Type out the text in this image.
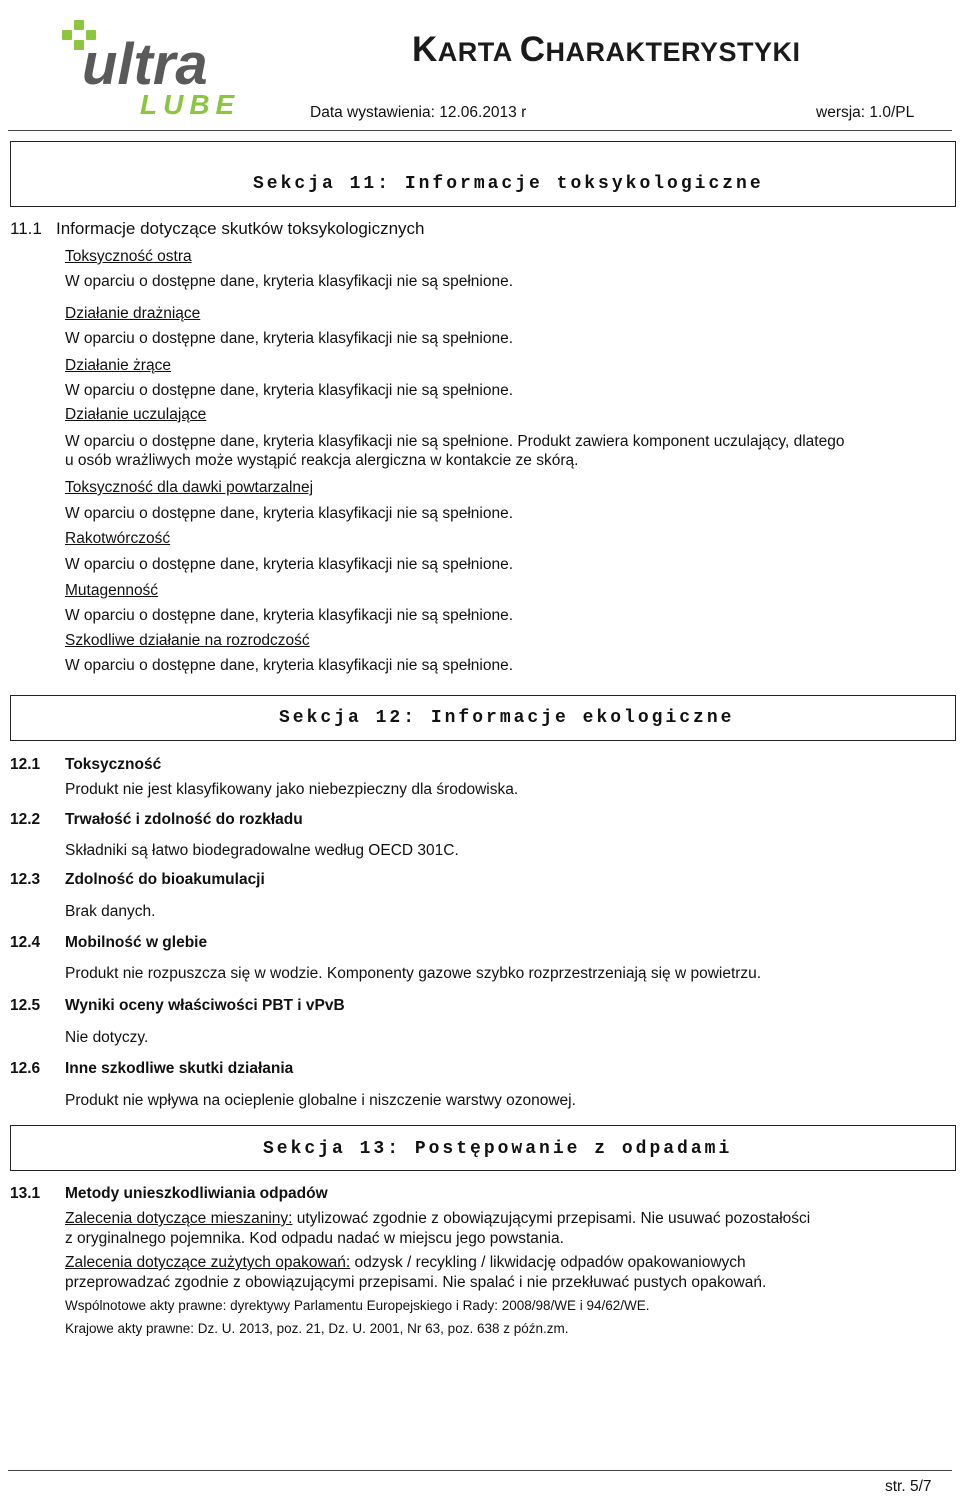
ultra
LUBE
KARTA CHARAKTERYSTYKI
Data wystawienia: 12.06.2013 r	wersja: 1.0/PL
Sekcja 11: Informacje toksykologiczne
11.1 Informacje dotyczące skutków toksykologicznych
Toksyczność ostra
W oparciu o dostępne dane, kryteria klasyfikacji nie są spełnione.
Działanie drażniące
W oparciu o dostępne dane, kryteria klasyfikacji nie są spełnione.
Działanie żrące
W oparciu o dostępne dane, kryteria klasyfikacji nie są spełnione.
Działanie uczulające
W oparciu o dostępne dane, kryteria klasyfikacji nie są spełnione. Produkt zawiera komponent uczulający, dlatego
u osób wrażliwych może wystąpić reakcja alergiczna w kontakcie ze skórą.
Toksyczność dla dawki powtarzalnej
W oparciu o dostępne dane, kryteria klasyfikacji nie są spełnione.
Rakotwórczość
W oparciu o dostępne dane, kryteria klasyfikacji nie są spełnione.
Mutagenność
W oparciu o dostępne dane, kryteria klasyfikacji nie są spełnione.
Szkodliwe działanie na rozrodczość
W oparciu o dostępne dane, kryteria klasyfikacji nie są spełnione.
Sekcja 12: Informacje ekologiczne
12.1 Toksyczność
Produkt nie jest klasyfikowany jako niebezpieczny dla środowiska.
12.2 Trwałość i zdolność do rozkładu
Składniki są łatwo biodegradowalne według OECD 301C.
12.3 Zdolność do bioakumulacji
Brak danych.
12.4 Mobilność w glebie
Produkt nie rozpuszcza się w wodzie. Komponenty gazowe szybko rozprzestrzeniają się w powietrzu.
12.5 Wyniki oceny właściwości PBT i vPvB
Nie dotyczy.
12.6 Inne szkodliwe skutki działania
Produkt nie wpływa na ocieplenie globalne i niszczenie warstwy ozonowej.
Sekcja 13: Postępowanie z odpadami
13.1 Metody unieszkodliwiania odpadów
Zalecenia dotyczące mieszaniny: utylizować zgodnie z obowiązującymi przepisami. Nie usuwać pozostałości
z oryginalnego pojemnika. Kod odpadu nadać w miejscu jego powstania.
Zalecenia dotyczące zużytych opakowań: odzysk / recykling / likwidację odpadów opakowaniowych
przeprowadzać zgodnie z obowiązującymi przepisami. Nie spalać i nie przekłuwać pustych opakowań.
Wspólnotowe akty prawne: dyrektywy Parlamentu Europejskiego i Rady: 2008/98/WE i 94/62/WE.
Krajowe akty prawne: Dz. U. 2013, poz. 21, Dz. U. 2001, Nr 63, poz. 638 z późn.zm.
str. 5/7
